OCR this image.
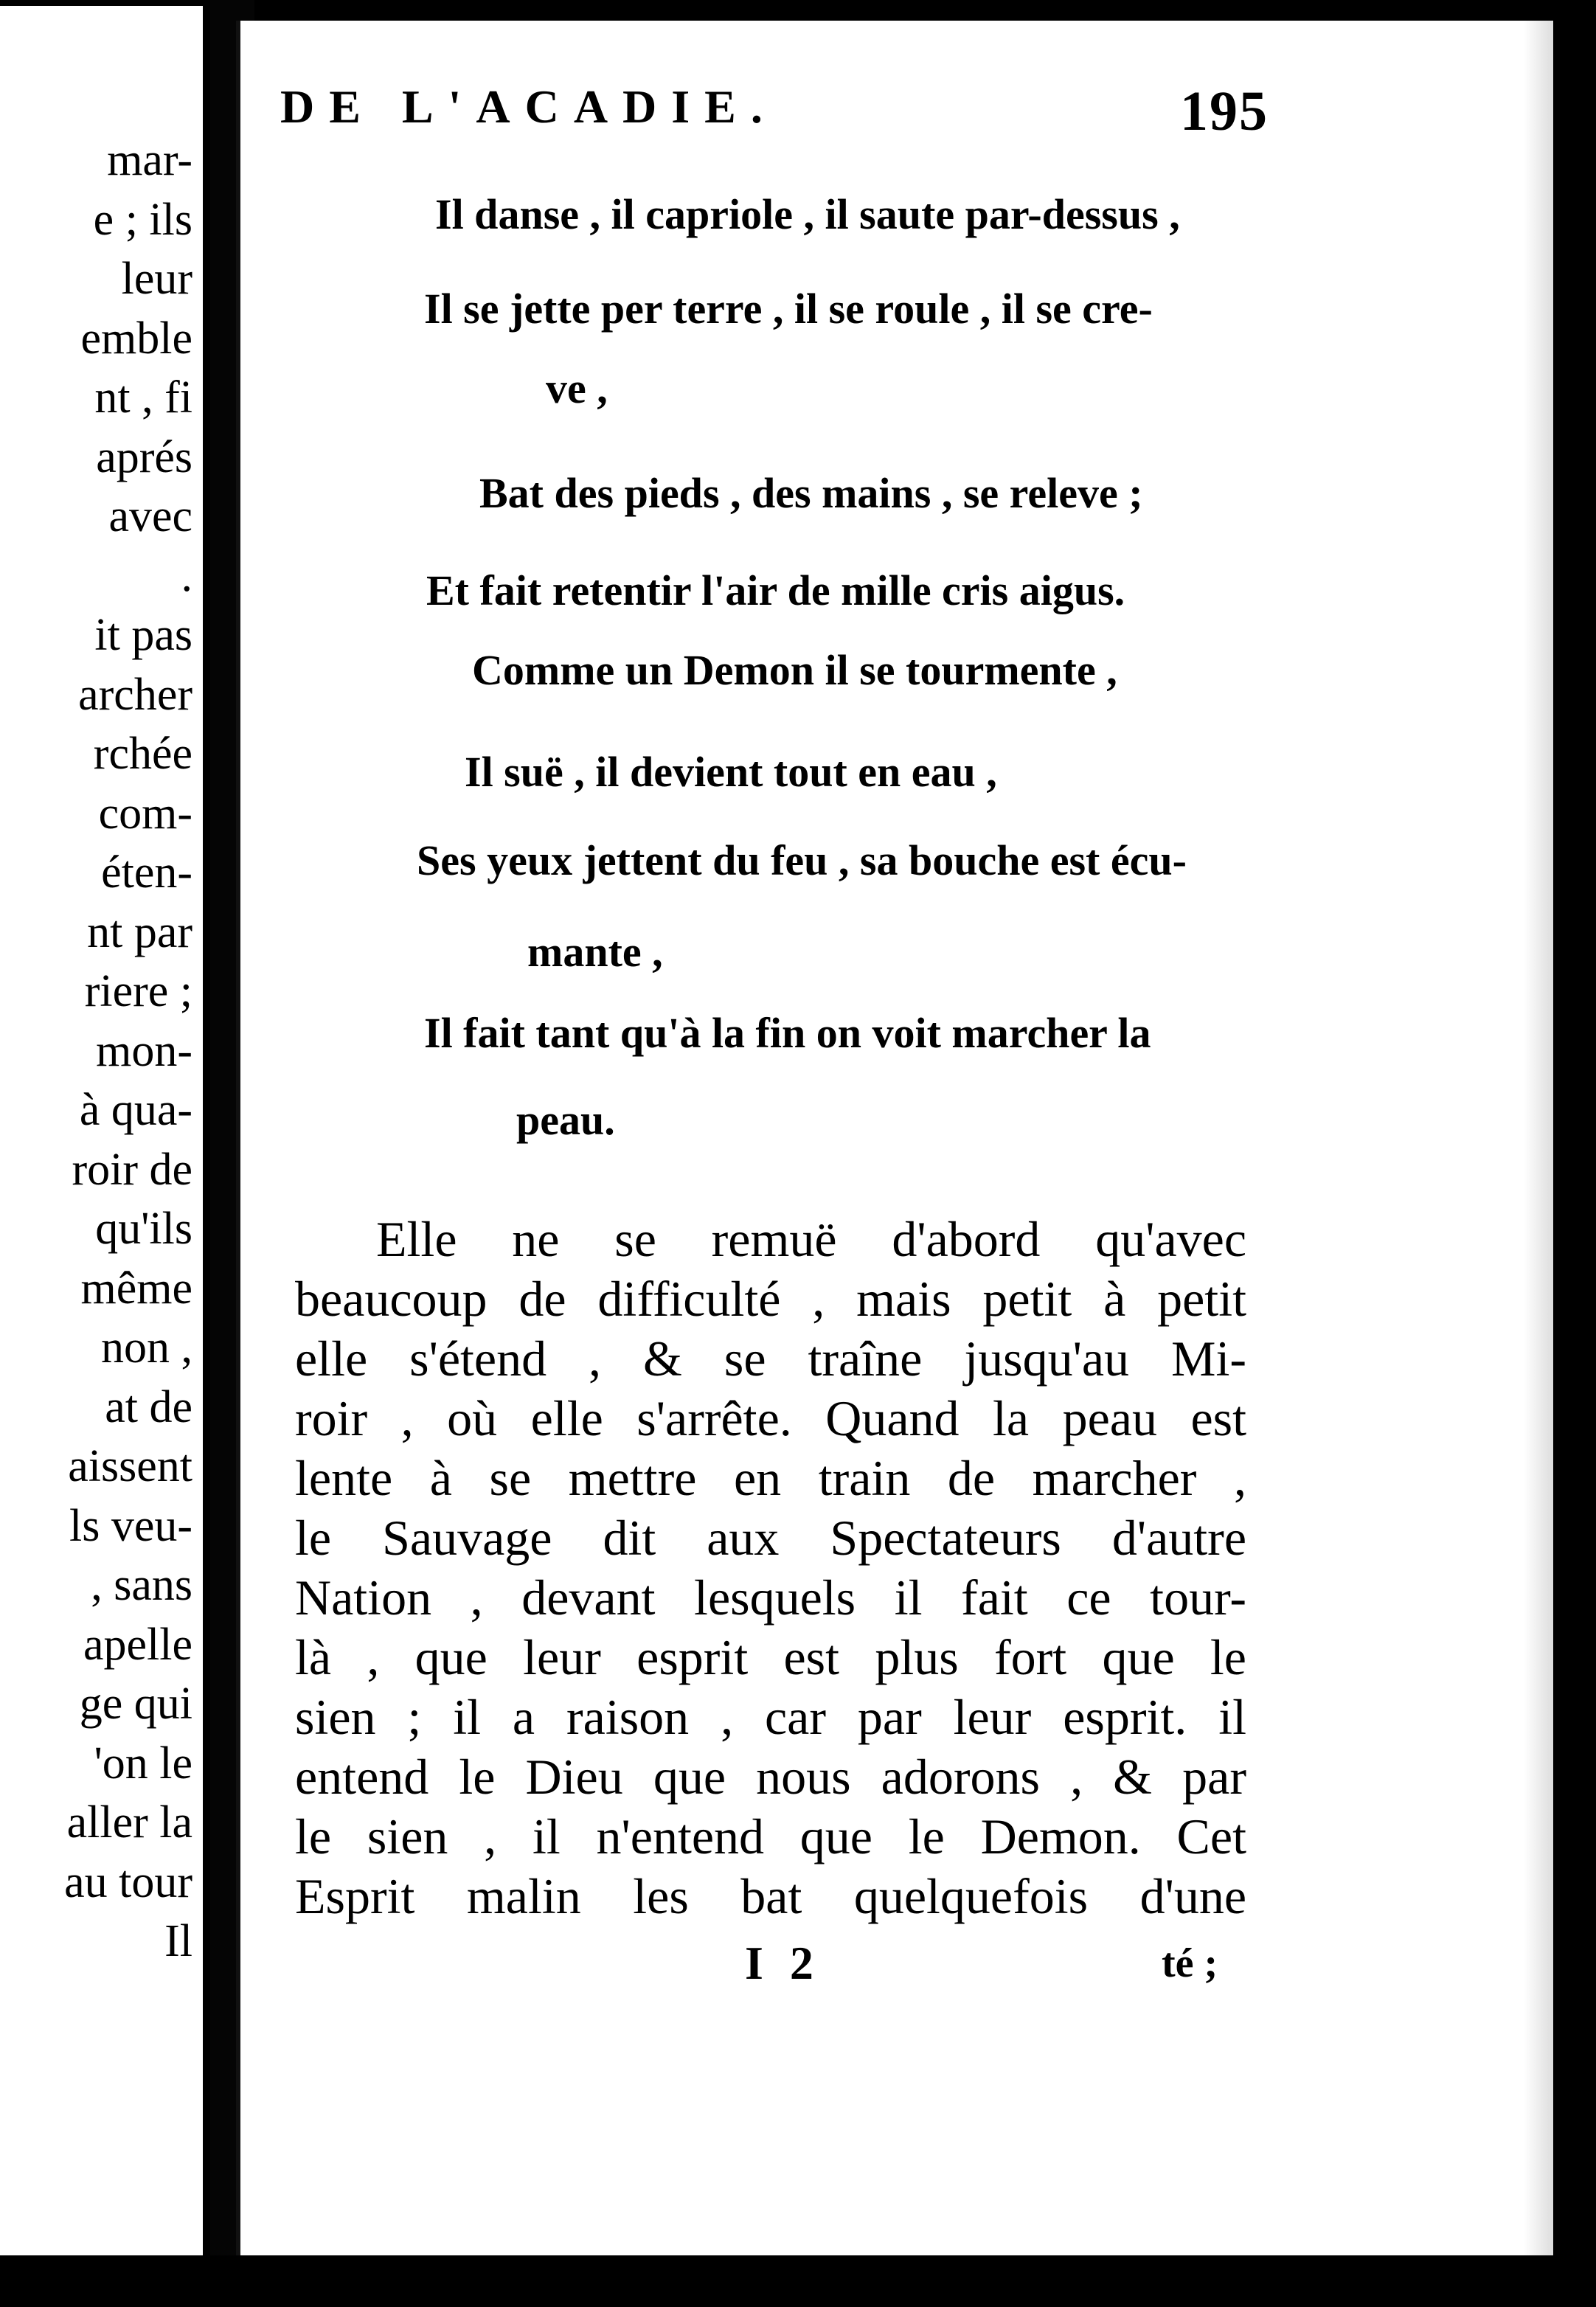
mar-
e ; ils
leur
emble
nt , fi
aprés
avec
.
it pas
archer
rchée
com-
éten-
nt par
riere ;
mon-
à qua-
roir de
qu'ils
même
non ,
at de
aissent
ls veu-
, sans
apelle
ge qui
'on le
aller la
au tour
Il
DE L'ACADIE.	195
Il danse , il capriole , il saute par-dessus ,
Il se jette per terre , il se roule , il se cre-
ve ,
Bat des pieds , des mains , se releve ;
Et fait retentir l'air de mille cris aigus.
Comme un Demon il se tourmente ,
Il suë , il devient tout en eau ,
Ses yeux jettent du feu , sa bouche est écu-
mante ,
Il fait tant qu'à la fin on voit marcher la
peau.
Elle ne se remuë d'abord qu'avec
beaucoup de difficulté , mais petit à petit
elle s'étend , & se traîne jusqu'au Mi-
roir , où elle s'arrête. Quand la peau est
lente à se mettre en train de marcher ,
le Sauvage dit aux Spectateurs d'autre
Nation , devant lesquels il fait ce tour-
là , que leur esprit est plus fort que le
sien ; il a raison , car par leur esprit. il
entend le Dieu que nous adorons , & par
le sien , il n'entend que le Demon. Cet
Esprit malin les bat quelquefois d'une
I 2	té ;
